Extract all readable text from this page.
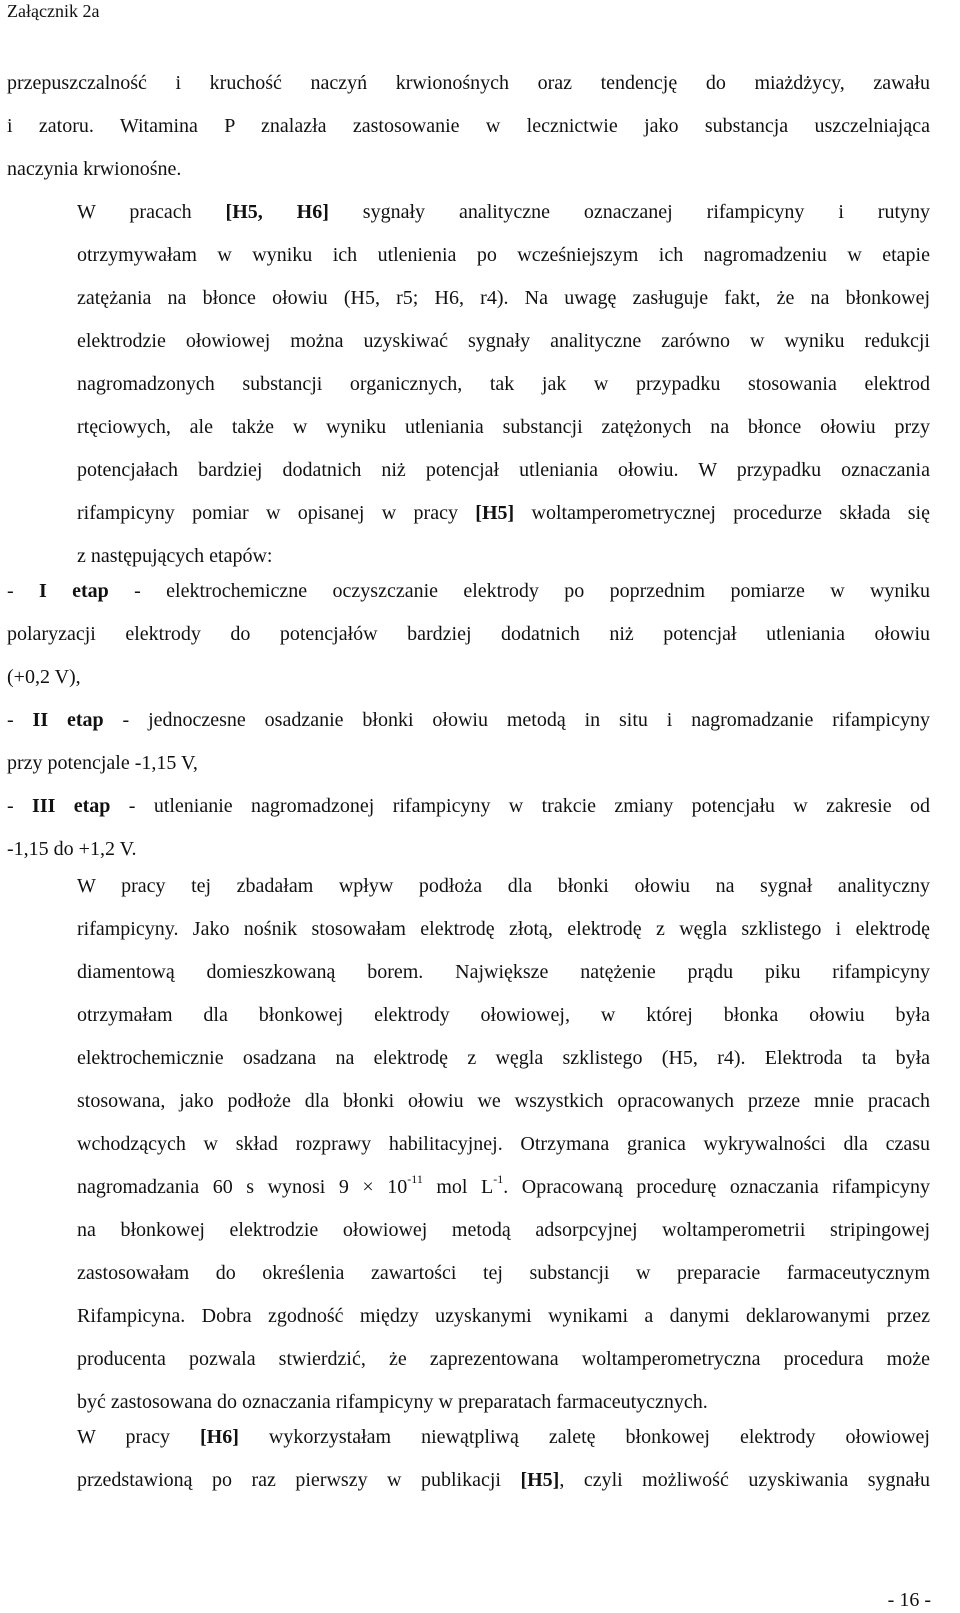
Załącznik 2a

przepuszczalność i kruchość naczyń krwionośnych oraz tendencję do miażdżycy, zawału
i zatoru. Witamina P znalazła zastosowanie w lecznictwie jako substancja uszczelniająca
naczynia krwionośne.

W pracach [H5, H6] sygnały analityczne oznaczanej rifampicyny i rutyny
otrzymywałam w wyniku ich utlenienia po wcześniejszym ich nagromadzeniu w etapie
zatężania na błonce ołowiu (H5, r5; H6, r4). Na uwagę zasługuje fakt, że na błonkowej
elektrodzie ołowiowej można uzyskiwać sygnały analityczne zarówno w wyniku redukcji
nagromadzonych substancji organicznych, tak jak w przypadku stosowania elektrod
rtęciowych, ale także w wyniku utleniania substancji zatężonych na błonce ołowiu przy
potencjałach bardziej dodatnich niż potencjał utleniania ołowiu. W przypadku oznaczania
rifampicyny pomiar w opisanej w pracy [H5] woltamperometrycznej procedurze składa się
z następujących etapów:

- I etap - elektrochemiczne oczyszczanie elektrody po poprzednim pomiarze w wyniku
polaryzacji elektrody do potencjałów bardziej dodatnich niż potencjał utleniania ołowiu
(+0,2 V),
- II etap - jednoczesne osadzanie błonki ołowiu metodą in situ i nagromadzanie rifampicyny
przy potencjale -1,15 V,
- III etap - utlenianie nagromadzonej rifampicyny w trakcie zmiany potencjału w zakresie od
-1,15 do +1,2 V.

W pracy tej zbadałam wpływ podłoża dla błonki ołowiu na sygnał analityczny
rifampicyny. Jako nośnik stosowałam elektrodę złotą, elektrodę z węgla szklistego i elektrodę
diamentową domieszkowaną borem. Największe natężenie prądu piku rifampicyny
otrzymałam dla błonkowej elektrody ołowiowej, w której błonka ołowiu była
elektrochemicznie osadzana na elektrodę z węgla szklistego (H5, r4). Elektroda ta była
stosowana, jako podłoże dla błonki ołowiu we wszystkich opracowanych przeze mnie pracach
wchodzących w skład rozprawy habilitacyjnej. Otrzymana granica wykrywalności dla czasu
nagromadzania 60 s wynosi $9 \times 10^{-11}$ mol $L^{-1}$. Opracowaną procedurę oznaczania rifampicyny
na błonkowej elektrodzie ołowiowej metodą adsorpcyjnej woltamperometrii stripingowej
zastosowałam do określenia zawartości tej substancji w preparacie farmaceutycznym
Rifampicyna. Dobra zgodność między uzyskanymi wynikami a danymi deklarowanymi przez
producenta pozwala stwierdzić, że zaprezentowana woltamperometryczna procedura może
być zastosowana do oznaczania rifampicyny w preparatach farmaceutycznych.

W pracy [H6] wykorzystałam niewątpliwą zaletę błonkowej elektrody ołowiowej
przedstawioną po raz pierwszy w publikacji [H5], czyli możliwość uzyskiwania sygnału

- 16 -
